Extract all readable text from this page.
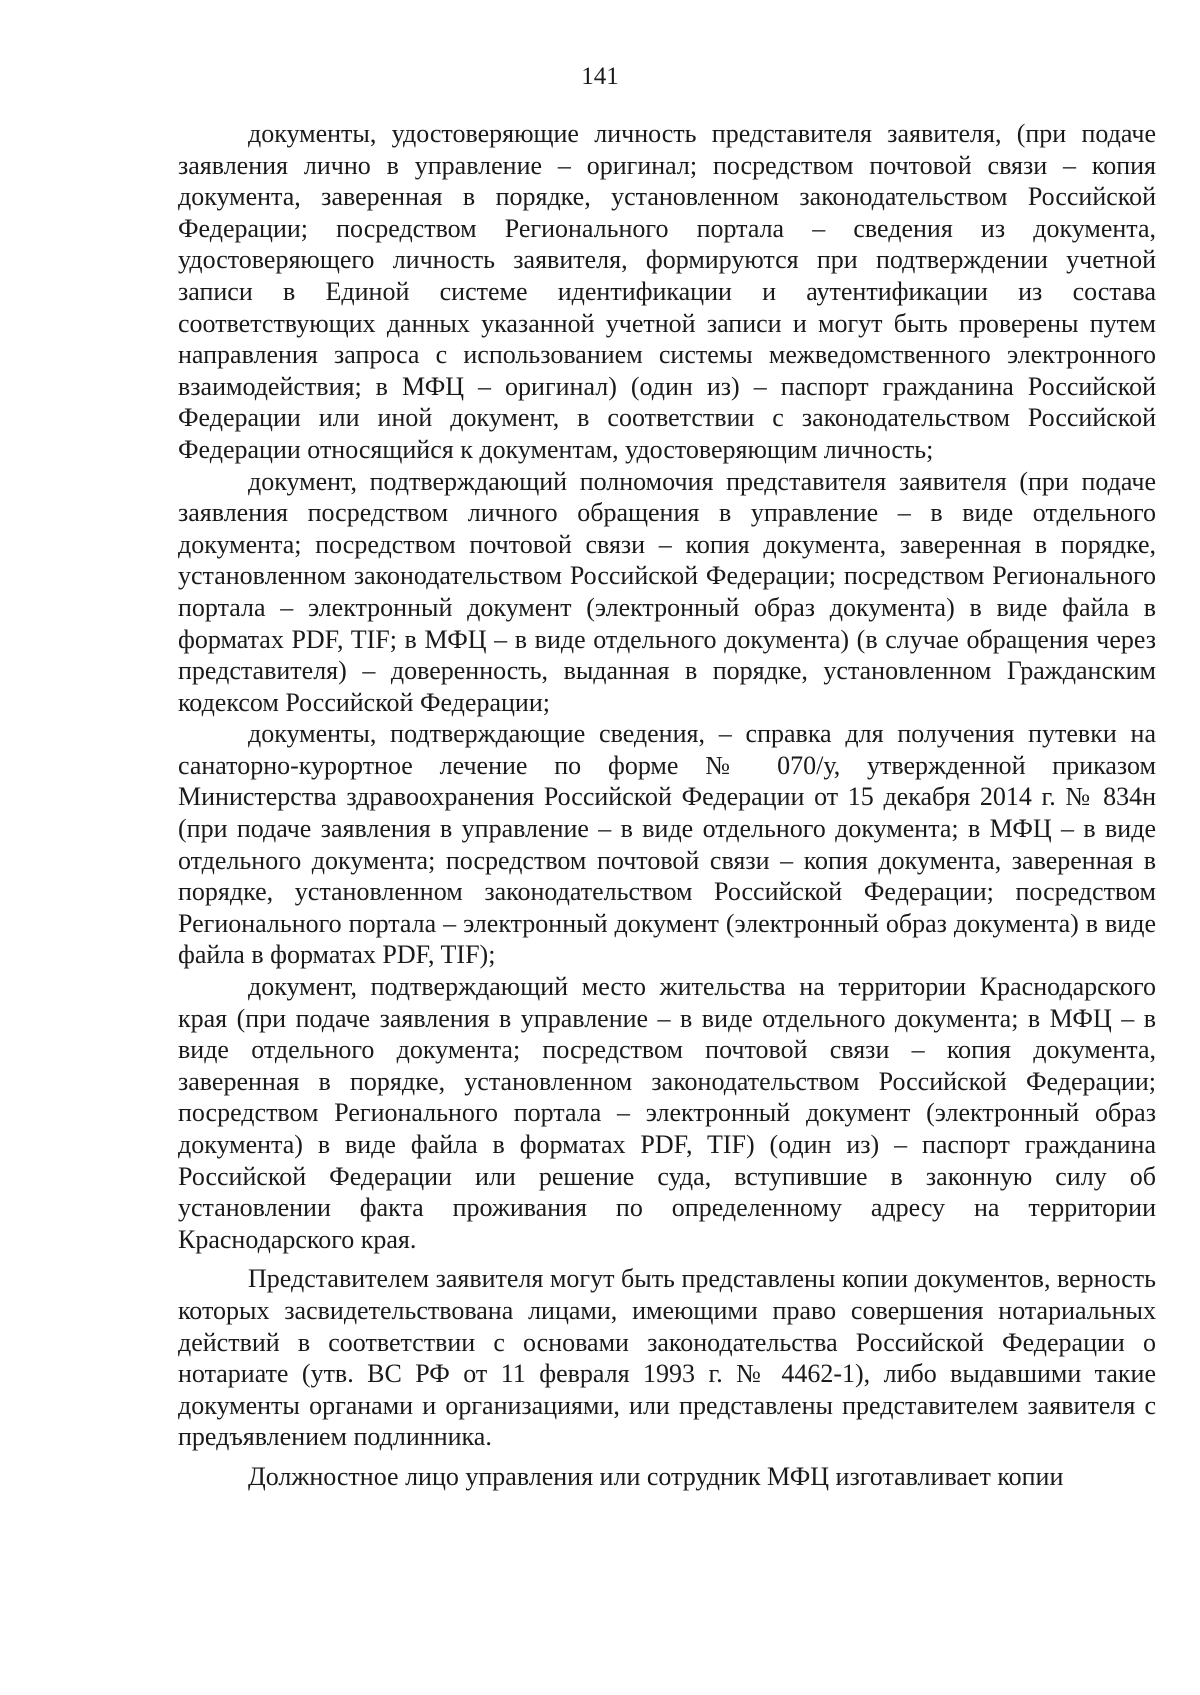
141

документы, удостоверяющие личность представителя заявителя, (при подаче заявления лично в управление – оригинал; посредством почтовой связи – копия документа, заверенная в порядке, установленном законодательством Российской Федерации; посредством Регионального портала – сведения из документа, удостоверяющего личность заявителя, формируются при подтверждении учетной записи в Единой системе идентификации и аутентификации из состава соответствующих данных указанной учетной записи и могут быть проверены путем направления запроса с использованием системы межведомственного электронного взаимодействия; в МФЦ – оригинал) (один из) – паспорт гражданина Российской Федерации или иной документ, в соответствии с законодательством Российской Федерации относящийся к документам, удостоверяющим личность;

документ, подтверждающий полномочия представителя заявителя (при подаче заявления посредством личного обращения в управление – в виде отдельного документа; посредством почтовой связи – копия документа, заверенная в порядке, установленном законодательством Российской Федерации; посредством Регионального портала – электронный документ (электронный образ документа) в виде файла в форматах PDF, TIF; в МФЦ – в виде отдельного документа) (в случае обращения через представителя) – доверенность, выданная в порядке, установленном Гражданским кодексом Российской Федерации;

документы, подтверждающие сведения, – справка для получения путевки на санаторно-курортное лечение по форме № 070/у, утвержденной приказом Министерства здравоохранения Российской Федерации от 15 декабря 2014 г. № 834н (при подаче заявления в управление – в виде отдельного документа; в МФЦ – в виде отдельного документа; посредством почтовой связи – копия документа, заверенная в порядке, установленном законодательством Российской Федерации; посредством Регионального портала – электронный документ (электронный образ документа) в виде файла в форматах PDF, TIF);

документ, подтверждающий место жительства на территории Краснодарского края (при подаче заявления в управление – в виде отдельного документа; в МФЦ – в виде отдельного документа; посредством почтовой связи – копия документа, заверенная в порядке, установленном законодательством Российской Федерации; посредством Регионального портала – электронный документ (электронный образ документа) в виде файла в форматах PDF, TIF) (один из) – паспорт гражданина Российской Федерации или решение суда, вступившие в законную силу об установлении факта проживания по определенному адресу на территории Краснодарского края.

Представителем заявителя могут быть представлены копии документов, верность которых засвидетельствована лицами, имеющими право совершения нотариальных действий в соответствии с основами законодательства Российской Федерации о нотариате (утв. ВС РФ от 11 февраля 1993 г. № 4462-1), либо выдавшими такие документы органами и организациями, или представлены представителем заявителя с предъявлением подлинника.

Должностное лицо управления или сотрудник МФЦ изготавливает копии
